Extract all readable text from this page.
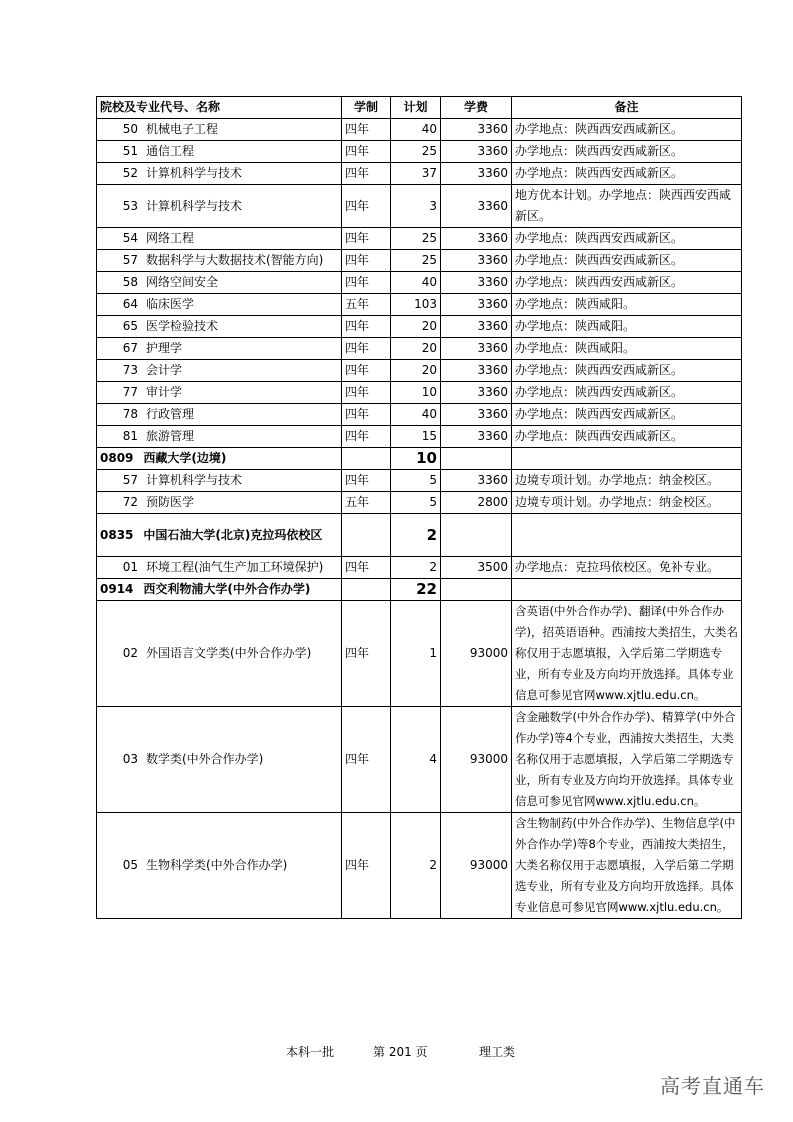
院校及专业代号、名称	学制	计划	学费	备注
50 机械电子工程	四年	40	3360	办学地点：陕西西安西咸新区。
51 通信工程	四年	25	3360	办学地点：陕西西安西咸新区。
52 计算机科学与技术	四年	37	3360	办学地点：陕西西安西咸新区。
53 计算机科学与技术	四年	3	3360	地方优本计划。办学地点：陕西西安西咸新区。
54 网络工程	四年	25	3360	办学地点：陕西西安西咸新区。
57 数据科学与大数据技术(智能方向)	四年	25	3360	办学地点：陕西西安西咸新区。
58 网络空间安全	四年	40	3360	办学地点：陕西西安西咸新区。
64 临床医学	五年	103	3360	办学地点：陕西咸阳。
65 医学检验技术	四年	20	3360	办学地点：陕西咸阳。
67 护理学	四年	20	3360	办学地点：陕西咸阳。
73 会计学	四年	20	3360	办学地点：陕西西安西咸新区。
77 审计学	四年	10	3360	办学地点：陕西西安西咸新区。
78 行政管理	四年	40	3360	办学地点：陕西西安西咸新区。
81 旅游管理	四年	15	3360	办学地点：陕西西安西咸新区。
0809 西藏大学(边境)		10		
57 计算机科学与技术	四年	5	3360	边境专项计划。办学地点：纳金校区。
72 预防医学	五年	5	2800	边境专项计划。办学地点：纳金校区。
0835 中国石油大学(北京)克拉玛依校区		2		
01 环境工程(油气生产加工环境保护)	四年	2	3500	办学地点：克拉玛依校区。免补专业。
0914 西交利物浦大学(中外合作办学)		22		
02 外国语言文学类(中外合作办学)	四年	1	93000	含英语(中外合作办学)、翻译(中外合作办学)，招英语语种。西浦按大类招生，大类名称仅用于志愿填报，入学后第二学期选专业，所有专业及方向均开放选择。具体专业信息可参见官网www.xjtlu.edu.cn。
03 数学类(中外合作办学)	四年	4	93000	含金融数学(中外合作办学)、精算学(中外合作办学)等4个专业，西浦按大类招生，大类名称仅用于志愿填报，入学后第二学期选专业，所有专业及方向均开放选择。具体专业信息可参见官网www.xjtlu.edu.cn。
05 生物科学类(中外合作办学)	四年	2	93000	含生物制药(中外合作办学)、生物信息学(中外合作办学)等8个专业，西浦按大类招生，大类名称仅用于志愿填报，入学后第二学期选专业，所有专业及方向均开放选择。具体专业信息可参见官网www.xjtlu.edu.cn。
本科一批	第 201 页	理工类
高考直通车
